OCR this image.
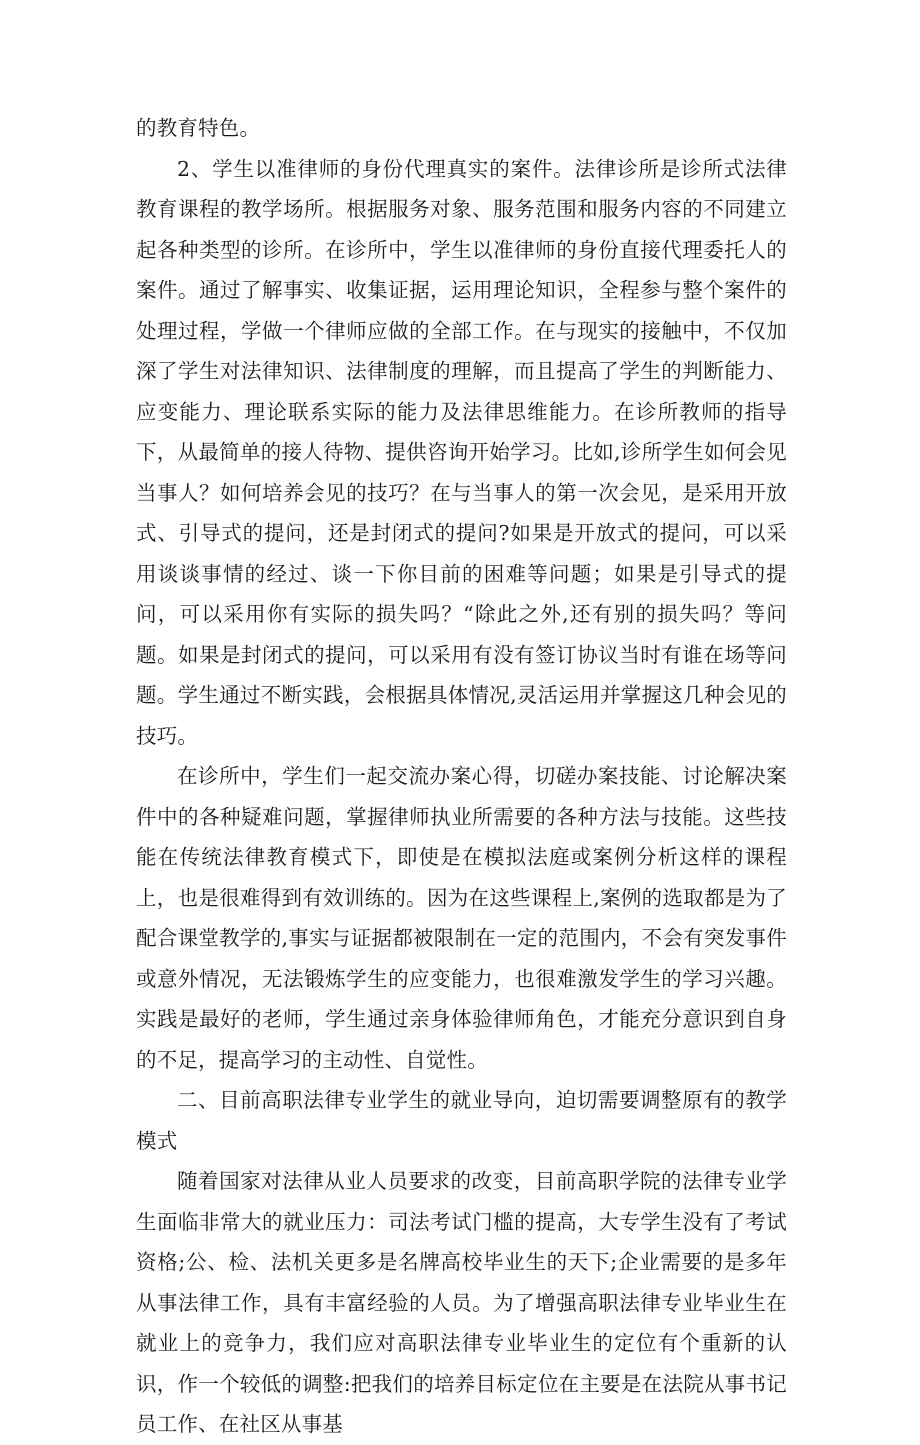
的教育特色。

2、学生以准律师的身份代理真实的案件。法律诊所是诊所式法律教育课程的教学场所。根据服务对象、服务范围和服务内容的不同建立起各种类型的诊所。在诊所中，学生以准律师的身份直接代理委托人的案件。通过了解事实、收集证据，运用理论知识，全程参与整个案件的处理过程，学做一个律师应做的全部工作。在与现实的接触中，不仅加深了学生对法律知识、法律制度的理解，而且提高了学生的判断能力、应变能力、理论联系实际的能力及法律思维能力。在诊所教师的指导下，从最简单的接人待物、提供咨询开始学习。比如,诊所学生如何会见当事人？如何培养会见的技巧？在与当事人的第一次会见，是采用开放式、引导式的提问，还是封闭式的提问?如果是开放式的提问，可以采用谈谈事情的经过、谈一下你目前的困难等问题；如果是引导式的提问，可以采用你有实际的损失吗？“除此之外,还有别的损失吗？等问题。如果是封闭式的提问，可以采用有没有签订协议当时有谁在场等问题。学生通过不断实践，会根据具体情况,灵活运用并掌握这几种会见的技巧。

在诊所中，学生们一起交流办案心得，切磋办案技能、讨论解决案件中的各种疑难问题，掌握律师执业所需要的各种方法与技能。这些技能在传统法律教育模式下，即使是在模拟法庭或案例分析这样的课程上，也是很难得到有效训练的。因为在这些课程上,案例的选取都是为了配合课堂教学的,事实与证据都被限制在一定的范围内，不会有突发事件或意外情况，无法锻炼学生的应变能力，也很难激发学生的学习兴趣。实践是最好的老师，学生通过亲身体验律师角色，才能充分意识到自身的不足，提高学习的主动性、自觉性。

二、目前高职法律专业学生的就业导向，迫切需要调整原有的教学模式

随着国家对法律从业人员要求的改变，目前高职学院的法律专业学生面临非常大的就业压力：司法考试门槛的提高，大专学生没有了考试资格;公、检、法机关更多是名牌高校毕业生的天下;企业需要的是多年从事法律工作，具有丰富经验的人员。为了增强高职法律专业毕业生在就业上的竞争力，我们应对高职法律专业毕业生的定位有个重新的认识，作一个较低的调整:把我们的培养目标定位在主要是在法院从事书记员工作、在社区从事基
